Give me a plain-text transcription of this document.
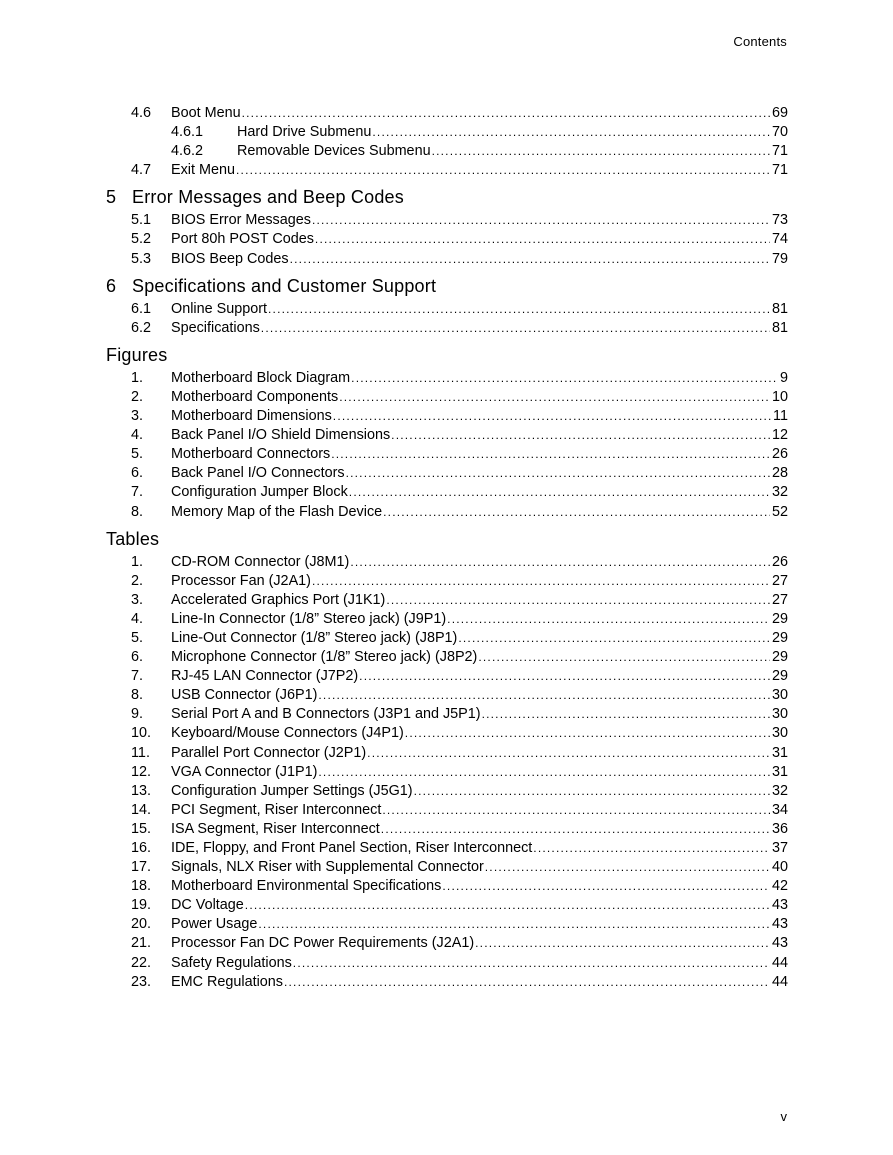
Contents
4.6	Boot Menu .....	69
4.6.1	Hard Drive Submenu .....	70
4.6.2	Removable Devices Submenu .....	71
4.7	Exit Menu .....	71
5 Error Messages and Beep Codes
5.1	BIOS Error Messages .....	73
5.2	Port 80h POST Codes .....	74
5.3	BIOS Beep Codes .....	79
6 Specifications and Customer Support
6.1	Online Support .....	81
6.2	Specifications .....	81
Figures
1.	Motherboard Block Diagram .....	9
2.	Motherboard Components .....	10
3.	Motherboard Dimensions .....	11
4.	Back Panel I/O Shield Dimensions .....	12
5.	Motherboard Connectors .....	26
6.	Back Panel I/O Connectors .....	28
7.	Configuration Jumper Block .....	32
8.	Memory Map of the Flash Device .....	52
Tables
1.	CD-ROM Connector (J8M1) .....	26
2.	Processor Fan (J2A1) .....	27
3.	Accelerated Graphics Port (J1K1) .....	27
4.	Line-In Connector (1/8” Stereo jack) (J9P1) .....	29
5.	Line-Out Connector (1/8” Stereo jack) (J8P1) .....	29
6.	Microphone Connector (1/8” Stereo jack) (J8P2) .....	29
7.	RJ-45 LAN Connector (J7P2) .....	29
8.	USB Connector (J6P1) .....	30
9.	Serial Port A and B Connectors (J3P1 and J5P1) .....	30
10.	Keyboard/Mouse Connectors (J4P1) .....	30
11.	Parallel Port Connector (J2P1) .....	31
12.	VGA Connector (J1P1) .....	31
13.	Configuration Jumper Settings (J5G1) .....	32
14.	PCI Segment, Riser Interconnect .....	34
15.	ISA Segment, Riser Interconnect .....	36
16.	IDE, Floppy, and Front Panel Section, Riser Interconnect .....	37
17.	Signals, NLX Riser with Supplemental Connector .....	40
18.	Motherboard Environmental Specifications .....	42
19.	DC Voltage .....	43
20.	Power Usage .....	43
21.	Processor Fan DC Power Requirements (J2A1) .....	43
22.	Safety Regulations .....	44
23.	EMC Regulations .....	44
v
